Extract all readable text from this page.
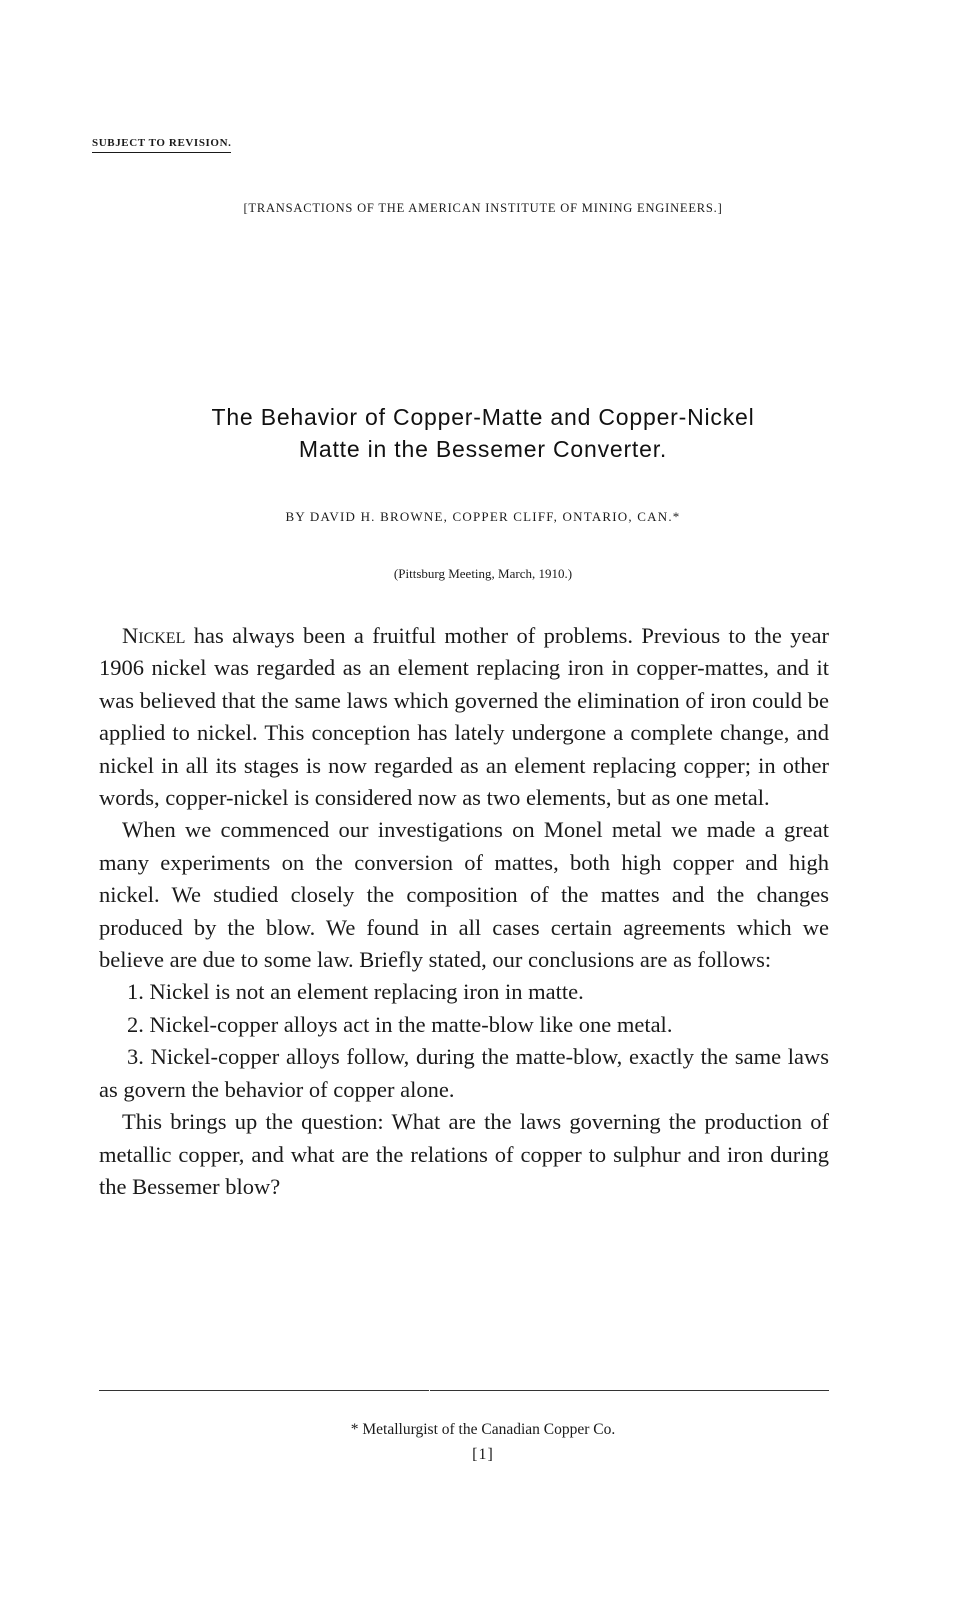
SUBJECT TO REVISION.
[TRANSACTIONS OF THE AMERICAN INSTITUTE OF MINING ENGINEERS.]
The Behavior of Copper-Matte and Copper-Nickel
Matte in the Bessemer Converter.
BY DAVID H. BROWNE, COPPER CLIFF, ONTARIO, CAN.*
(Pittsburg Meeting, March, 1910.)

Nickel has always been a fruitful mother of problems. Previous to the year 1906 nickel was regarded as an element replacing iron in copper-mattes, and it was believed that the same laws which governed the elimination of iron could be applied to nickel. This conception has lately undergone a complete change, and nickel in all its stages is now regarded as an element replacing copper; in other words, copper-nickel is considered now as two elements, but as one metal.

When we commenced our investigations on Monel metal we made a great many experiments on the conversion of mattes, both high copper and high nickel. We studied closely the composition of the mattes and the changes produced by the blow. We found in all cases certain agreements which we believe are due to some law. Briefly stated, our conclusions are as follows:

1. Nickel is not an element replacing iron in matte.

2. Nickel-copper alloys act in the matte-blow like one metal.

3. Nickel-copper alloys follow, during the matte-blow, exactly the same laws as govern the behavior of copper alone.

This brings up the question: What are the laws governing the production of metallic copper, and what are the relations of copper to sulphur and iron during the Bessemer blow?

* Metallurgist of the Canadian Copper Co.
[1]
